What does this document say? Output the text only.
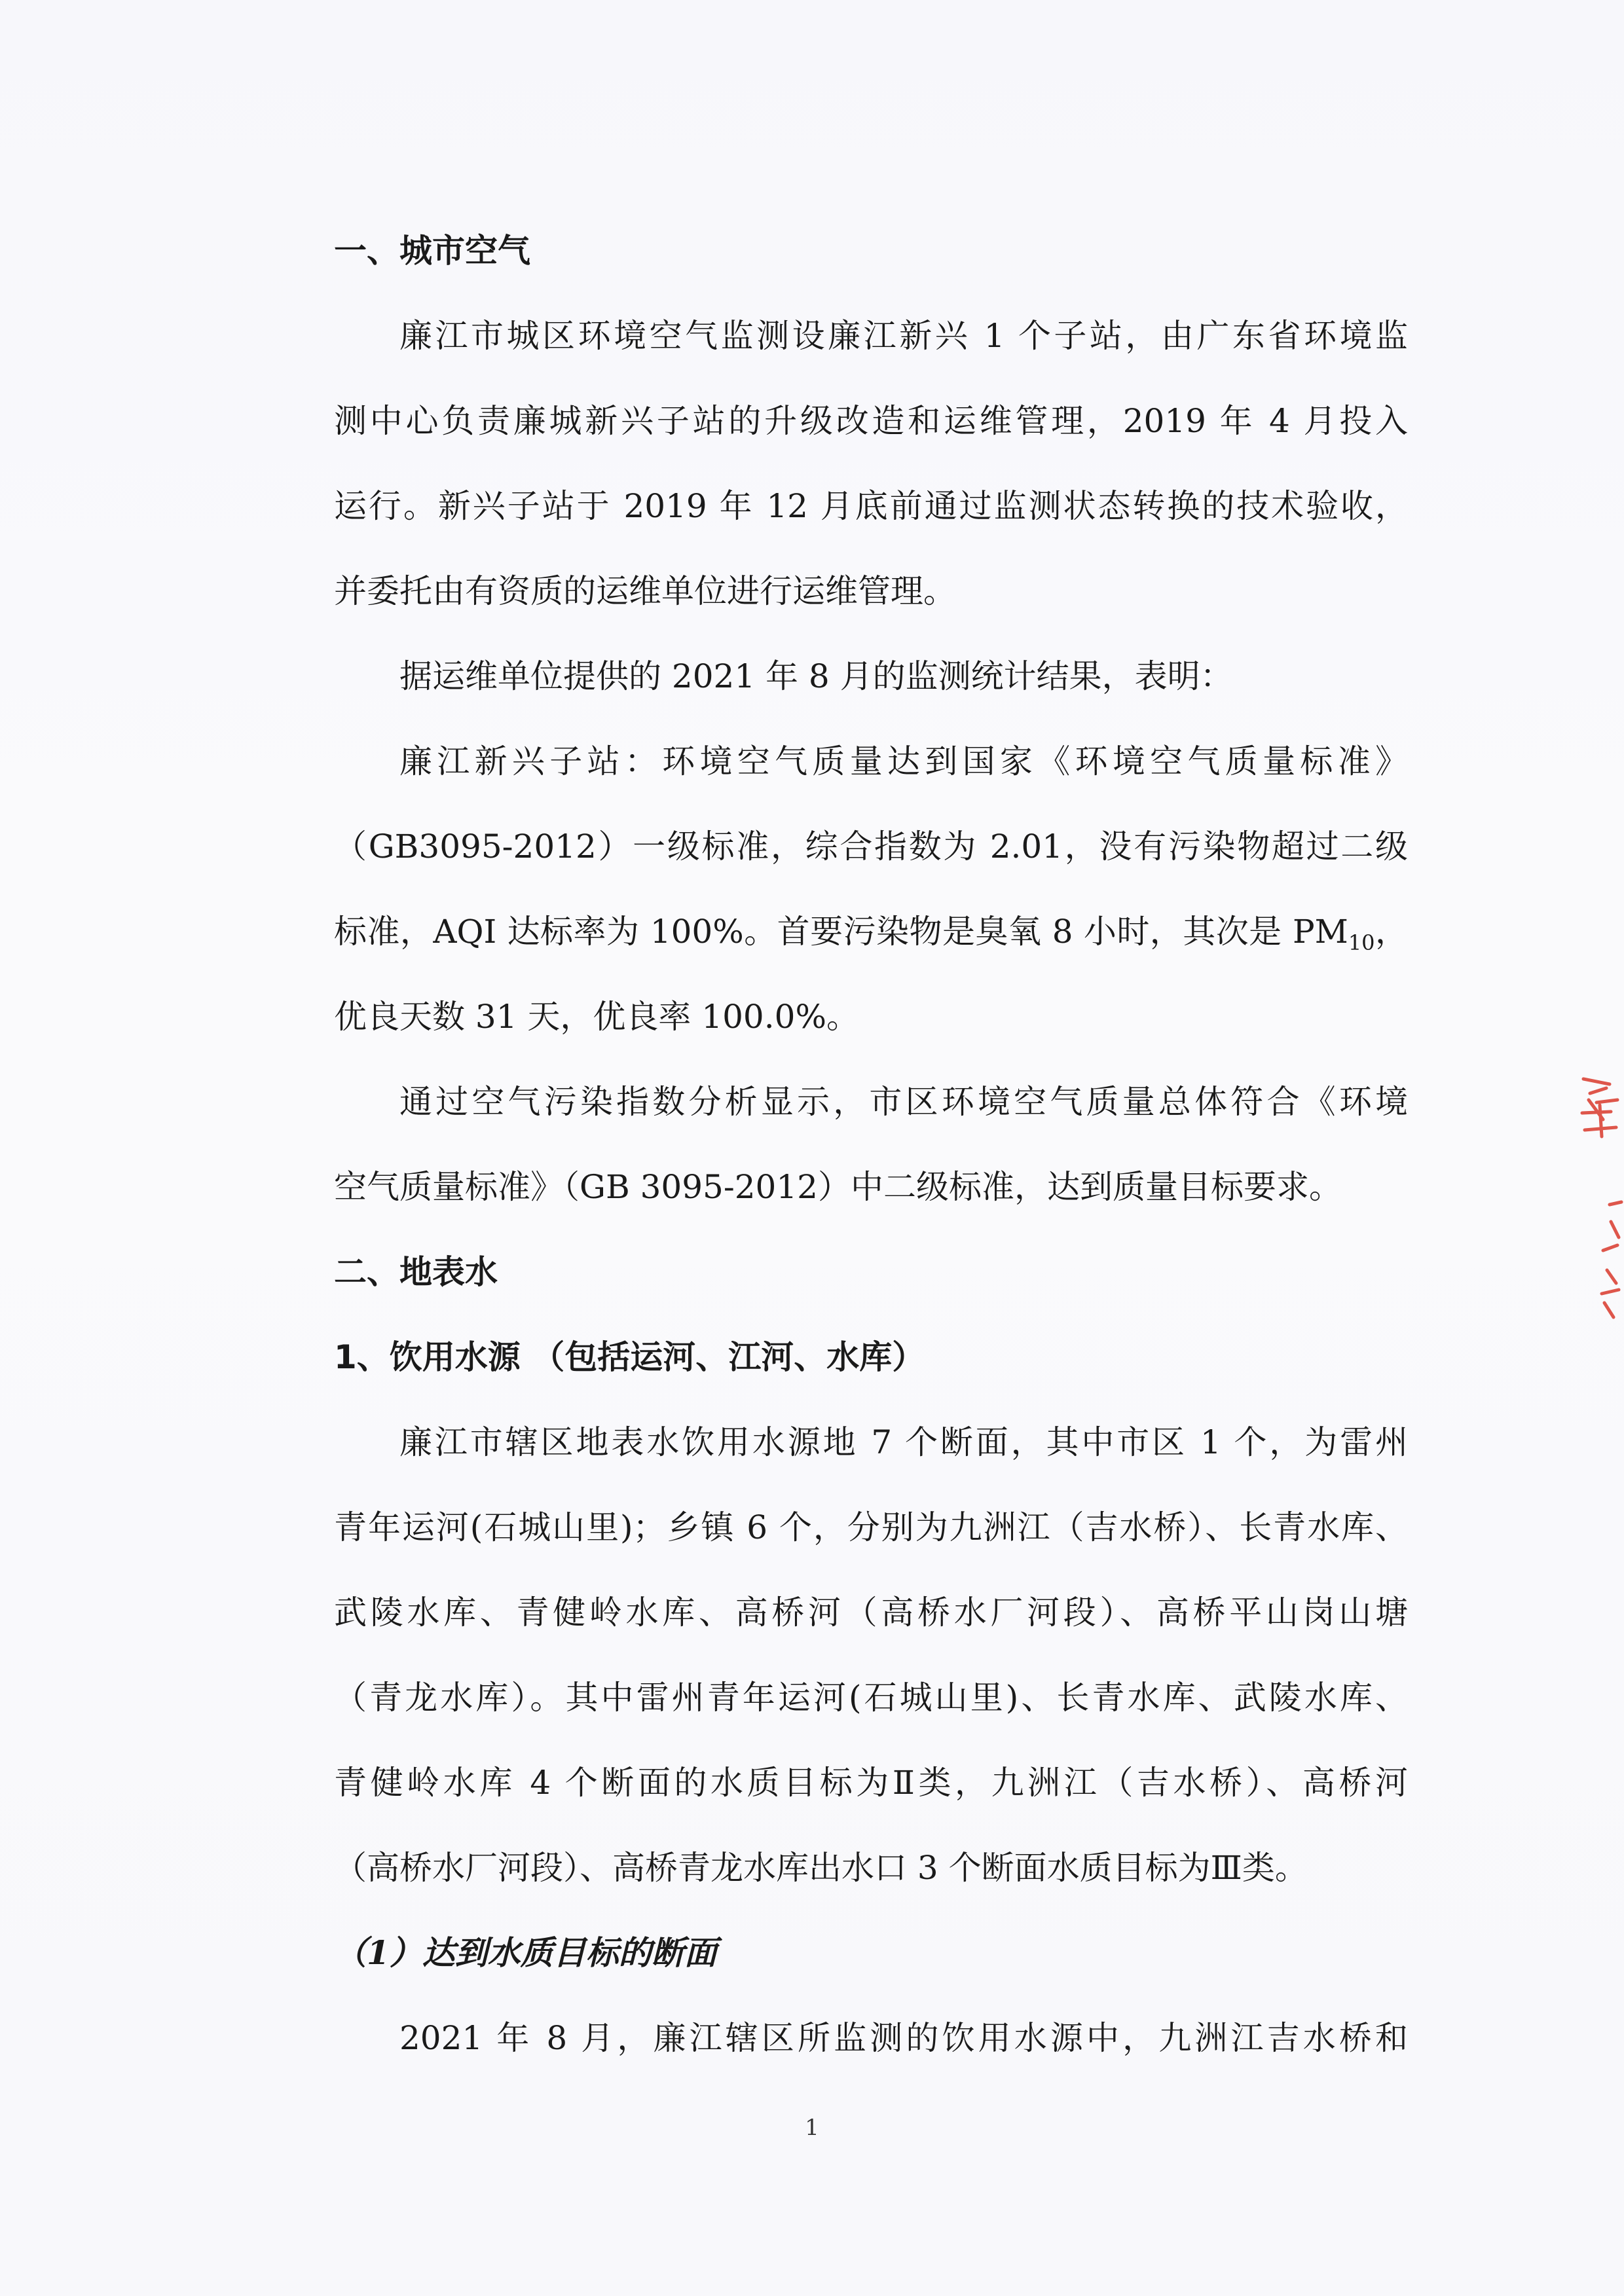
一、城市空气

廉江市城区环境空气监测设廉江新兴 1 个子站，由广东省环境监
测中心负责廉城新兴子站的升级改造和运维管理，2019 年 4 月投入
运行。新兴子站于 2019 年 12 月底前通过监测状态转换的技术验收，
并委托由有资质的运维单位进行运维管理。

据运维单位提供的 2021 年 8 月的监测统计结果，表明：

廉江新兴子站：环境空气质量达到国家《环境空气质量标准》
（GB3095-2012）一级标准，综合指数为 2.01，没有污染物超过二级
标准，AQI 达标率为 100%。首要污染物是臭氧 8 小时，其次是 $PM_{10}$，
优良天数 31 天，优良率 100.0%。

通过空气污染指数分析显示，市区环境空气质量总体符合《环境
空气质量标准》（GB 3095-2012）中二级标准，达到质量目标要求。

二、地表水
1、饮用水源 （包括运河、江河、水库）

廉江市辖区地表水饮用水源地 7 个断面，其中市区 1 个，为雷州
青年运河(石城山里)；乡镇 6 个，分别为九洲江（吉水桥）、长青水库、
武陵水库、青健岭水库、高桥河（高桥水厂河段）、高桥平山岗山塘
（青龙水库）。其中雷州青年运河(石城山里)、长青水库、武陵水库、
青健岭水库 4 个断面的水质目标为Ⅱ类，九洲江（吉水桥）、高桥河
（高桥水厂河段）、高桥青龙水库出水口 3 个断面水质目标为Ⅲ类。

（1）达到水质目标的断面

2021 年 8 月，廉江辖区所监测的饮用水源中，九洲江吉水桥和

1
